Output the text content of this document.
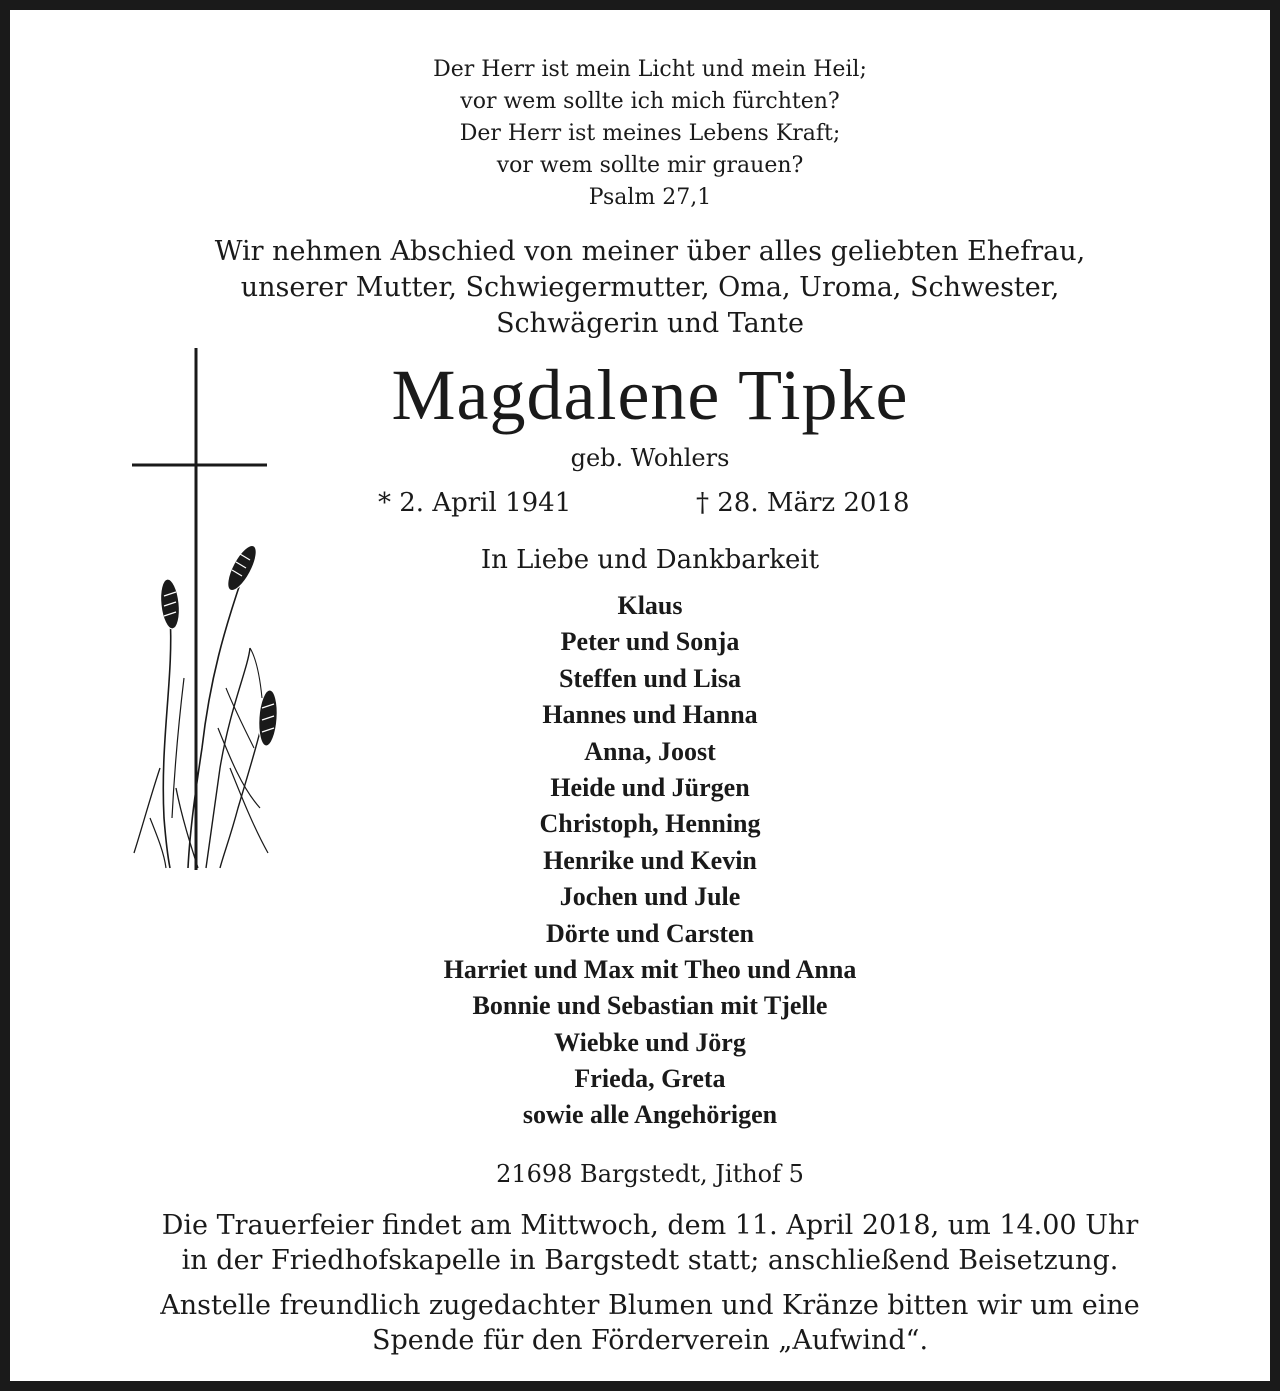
Der Herr ist mein Licht und mein Heil;
vor wem sollte ich mich fürchten?
Der Herr ist meines Lebens Kraft;
vor wem sollte mir grauen?
Psalm 27,1
Wir nehmen Abschied von meiner über alles geliebten Ehefrau,
unserer Mutter, Schwiegermutter, Oma, Uroma, Schwester,
Schwägerin und Tante
Magdalene Tipke
geb. Wohlers
* 2. April 1941	† 28. März 2018
In Liebe und Dankbarkeit
Klaus
Peter und Sonja
Steffen und Lisa
Hannes und Hanna
Anna, Joost
Heide und Jürgen
Christoph, Henning
Henrike und Kevin
Jochen und Jule
Dörte und Carsten
Harriet und Max mit Theo und Anna
Bonnie und Sebastian mit Tjelle
Wiebke und Jörg
Frieda, Greta
sowie alle Angehörigen
21698 Bargstedt, Jithof 5
Die Trauerfeier findet am Mittwoch, dem 11. April 2018, um 14.00 Uhr
in der Friedhofskapelle in Bargstedt statt; anschließend Beisetzung.
Anstelle freundlich zugedachter Blumen und Kränze bitten wir um eine
Spende für den Förderverein „Aufwind“.
